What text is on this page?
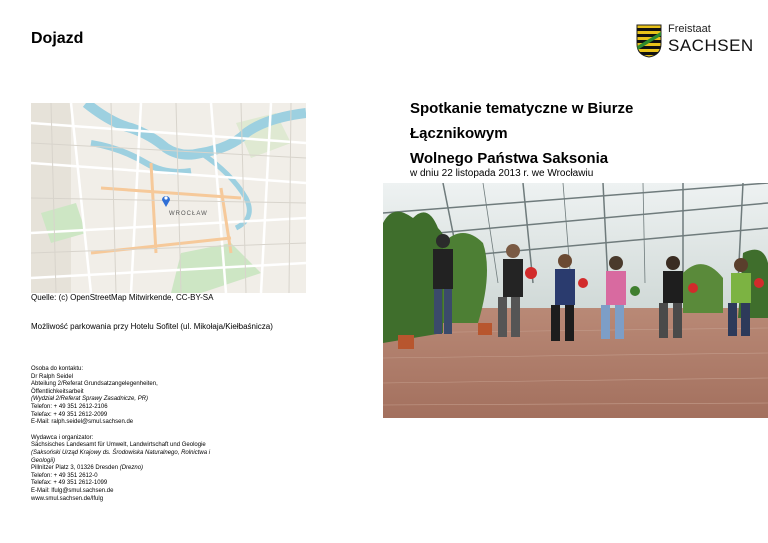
Dojazd
Freistaat
SACHSEN
WROCŁAW
Quelle: (c) OpenStreetMap Mitwirkende, CC-BY-SA
Możliwość parkowania przy Hotelu Sofitel (ul. Mikołaja/Kiełbaśnicza)
Osoba do kontaktu:
Dr Ralph Seidel
Abteilung 2/Referat Grundsatzangelegenheiten,
Öffentlichkeitsarbeit
(Wydział 2/Referat Sprawy Zasadnicze, PR)
Telefon: + 49 351 2612-2106
Telefax: + 49 351 2612-2099
E-Mail: ralph.seidel@smul.sachsen.de
Wydawca i organizator:
Sächsisches Landesamt für Umwelt, Landwirtschaft und Geologie
(Saksoński Urząd Krajowy ds. Środowiska Naturalnego, Rolnictwa i
Geologii)
Pillnitzer Platz 3, 01326 Dresden (Drezno)
Telefon: + 49 351 2612-0
Telefax: + 49 351 2612-1099
E-Mail: lfulg@smul.sachsen.de
www.smul.sachsen.de/lfulg
Spotkanie tematyczne w Biurze
Łącznikowym
Wolnego Państwa Saksonia
w dniu 22 listopada 2013 r. we Wrocławiu
